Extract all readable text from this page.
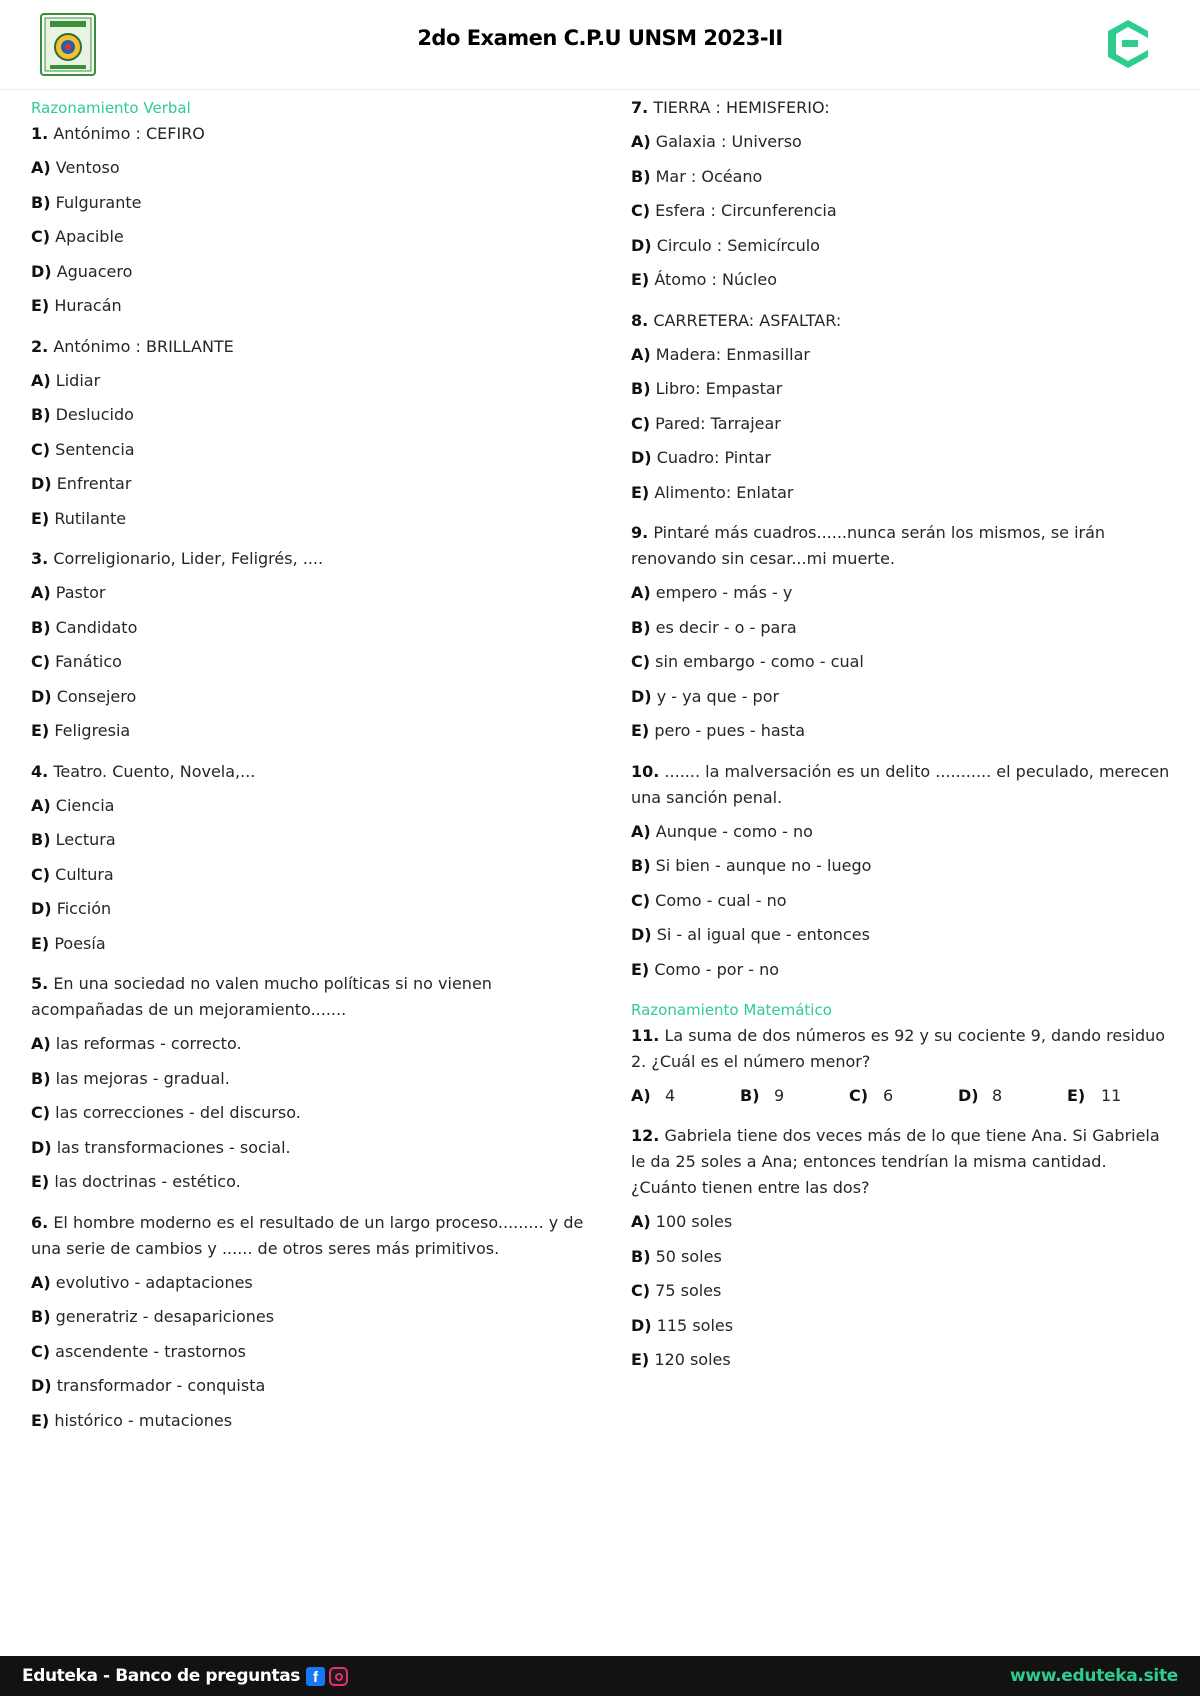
2do Examen C.P.U UNSM 2023-II
Razonamiento Verbal
1. Antónimo : CEFIRO
A) Ventoso
B) Fulgurante
C) Apacible
D) Aguacero
E) Huracán
2. Antónimo : BRILLANTE
A) Lidiar
B) Deslucido
C) Sentencia
D) Enfrentar
E) Rutilante
3. Correligionario, Lider, Feligrés, ....
A) Pastor
B) Candidato
C) Fanático
D) Consejero
E) Feligresia
4. Teatro. Cuento, Novela,...
A) Ciencia
B) Lectura
C) Cultura
D) Ficción
E) Poesía
5. En una sociedad no valen mucho políticas si no vienen acompañadas de un mejoramiento.......
A) las reformas - correcto.
B) las mejoras - gradual.
C) las correcciones - del discurso.
D) las transformaciones - social.
E) las doctrinas - estético.
6. El hombre moderno es el resultado de un largo proceso......... y de una serie de cambios y ...... de otros seres más primitivos.
A) evolutivo - adaptaciones
B) generatriz - desapariciones
C) ascendente - trastornos
D) transformador - conquista
E) histórico - mutaciones
7. TIERRA : HEMISFERIO:
A) Galaxia : Universo
B) Mar : Océano
C) Esfera : Circunferencia
D) Circulo : Semicírculo
E) Átomo : Núcleo
8. CARRETERA: ASFALTAR:
A) Madera: Enmasillar
B) Libro: Empastar
C) Pared: Tarrajear
D) Cuadro: Pintar
E) Alimento: Enlatar
9. Pintaré más cuadros......nunca serán los mismos, se irán renovando sin cesar...mi muerte.
A) empero - más - y
B) es decir - o - para
C) sin embargo - como - cual
D) y - ya que - por
E) pero - pues - hasta
10. ....... la malversación es un delito ........... el peculado, merecen una sanción penal.
A) Aunque - como - no
B) Si bien - aunque no - luego
C) Como - cual - no
D) Si - al igual que - entonces
E) Como - por - no
Razonamiento Matemático
11. La suma de dos números es 92 y su cociente 9, dando residuo 2. ¿Cuál es el número menor?
A) 4	B) 9	C) 6	D) 8	E) 11
12. Gabriela tiene dos veces más de lo que tiene Ana. Si Gabriela le da 25 soles a Ana; entonces tendrían la misma cantidad. ¿Cuánto tienen entre las dos?
A) 100 soles
B) 50 soles
C) 75 soles
D) 115 soles
E) 120 soles
Eduteka - Banco de preguntas f	www.eduteka.site
